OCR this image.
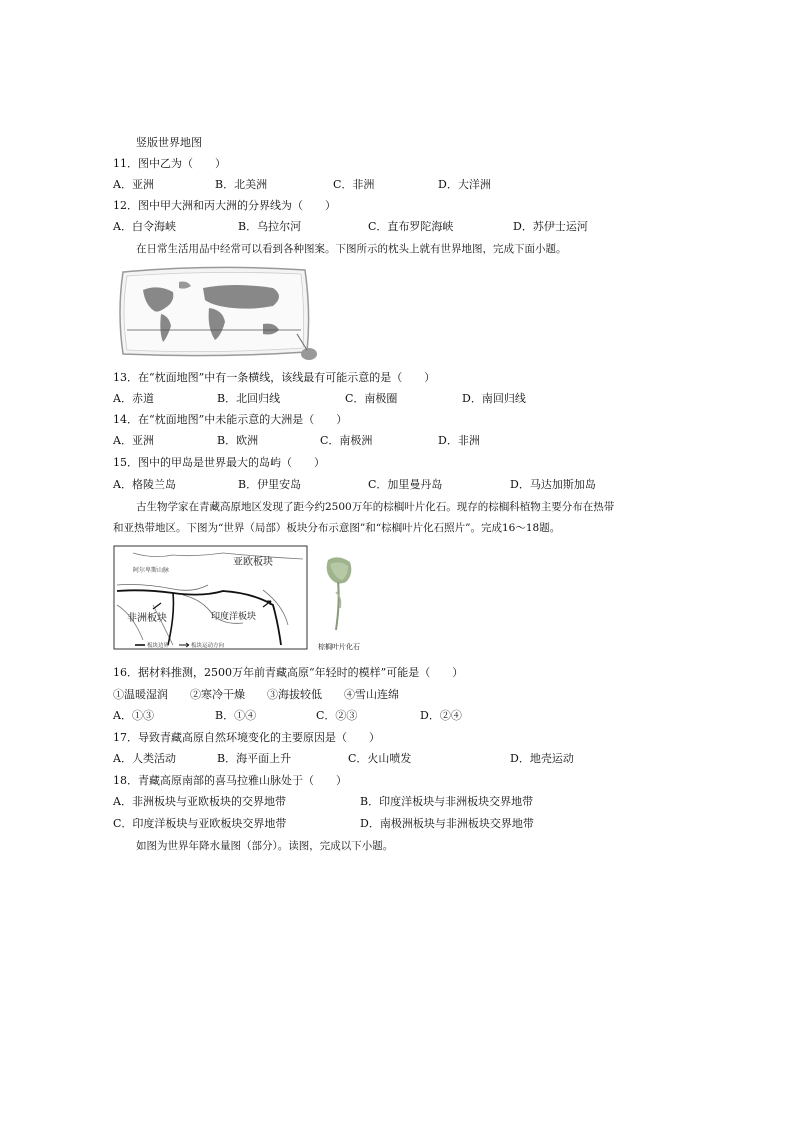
竖版世界地图
11．图中乙为（　　）
A．亚洲	B．北美洲	C．非洲	D．大洋洲
12．图中甲大洲和丙大洲的分界线为（　　）
A．白令海峡	B．乌拉尔河	C．直布罗陀海峡	D．苏伊士运河
在日常生活用品中经常可以看到各种图案。下图所示的枕头上就有世界地图，完成下面小题。
13．在“枕面地图”中有一条横线，该线最有可能示意的是（　　）
A．赤道	B．北回归线	C．南极圈	D．南回归线
14．在“枕面地图”中未能示意的大洲是（　　）
A．亚洲	B．欧洲	C．南极洲	D．非洲
15．图中的甲岛是世界最大的岛屿（　　）
A．格陵兰岛	B．伊里安岛	C．加里曼丹岛	D．马达加斯加岛
古生物学家在青藏高原地区发现了距今约2500万年的棕榈叶片化石。现存的棕榈科植物主要分布在热带
和亚热带地区。下图为“世界（局部）板块分布示意图”和“棕榈叶片化石照片”。完成16～18题。
亚欧板块
阿尔卑斯山脉
非洲板块	印度洋板块
板块边界	板块运动方向	棕榈叶片化石
16．据材料推测，2500万年前青藏高原“年轻时的模样”可能是（　　）
①温暖湿润　　②寒冷干燥　　③海拔较低　　④雪山连绵
A．①③	B．①④	C．②③	D．②④
17．导致青藏高原自然环境变化的主要原因是（　　）
A．人类活动	B．海平面上升	C．火山喷发	D．地壳运动
18．青藏高原南部的喜马拉雅山脉处于（　　）
A．非洲板块与亚欧板块的交界地带	B．印度洋板块与非洲板块交界地带
C．印度洋板块与亚欧板块交界地带	D．南极洲板块与非洲板块交界地带
如图为世界年降水量图（部分）。读图，完成以下小题。
